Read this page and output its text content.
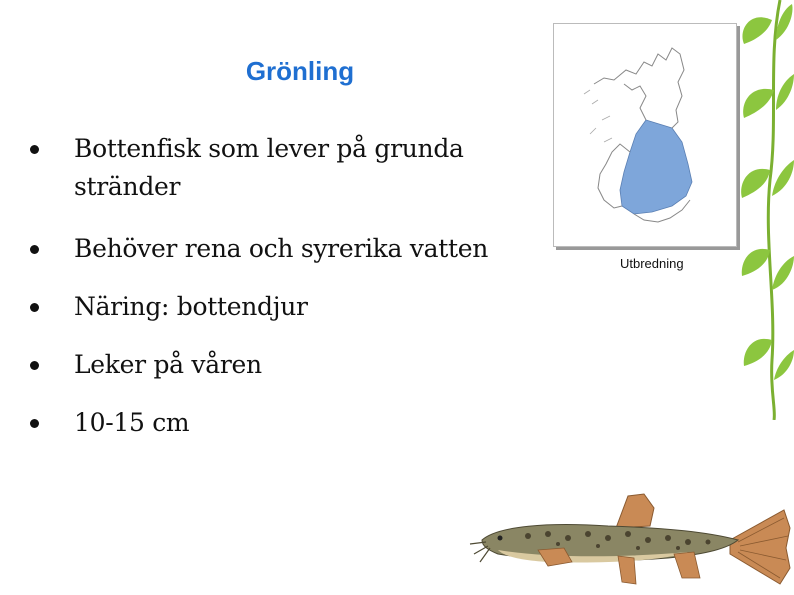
Grönling
Bottenfisk som lever på grunda stränder
Behöver rena och syrerika vatten
Näring: bottendjur
Leker på våren
10-15 cm
Utbredning
